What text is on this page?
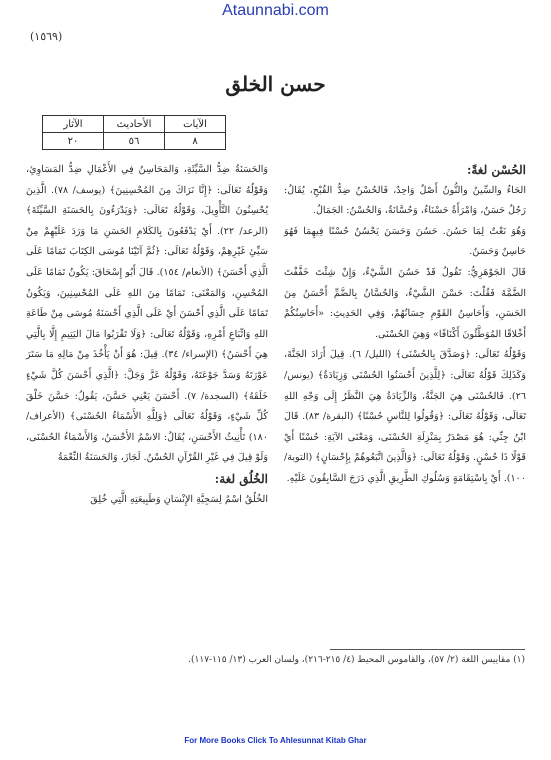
Ataunnabi.com
(١٥٦٩)
حسن الخلق
الآيات	الأحاديث	الآثار
٨	٥٦	٢٠

الحُسْن لغةً:

الحَاءُ والسِّينُ والنُّونُ أَصْلٌ وَاحِدٌ، فَالحُسْنُ ضِدُّ القُبْحِ، يُقَالُ: رَجُلٌ حَسَنٌ، وَامْرَأَةٌ حَسْنَاءُ، وَحُسَّانَةٌ، وَالحُسْنُ: الجَمَالُ.

وَهُوَ نَعْتٌ لِمَا حَسُنَ. حَسُنَ وَحَسَنَ يَحْسُنُ حُسْنًا فِيهِمَا فَهُوَ حَاسِنٌ وَحَسَنٌ.

قَالَ الجَوْهَرِيُّ: تَقُولُ قَدْ حَسُنَ الشَّيْءُ، وَإِنْ شِئْتَ خَفَّفْتَ الضَّمَّةَ فَقُلْتَ: حَسْنَ الشَّيْءُ، وَالحُسَّانُ بِالضَّمِّ أَحْسَنُ مِنَ الحَسَنِ، وَأَحَاسِنُ القَوْمِ حِسَانُهُمْ، وَفِي الحَدِيثِ: «أَحَاسِنُكُمْ أَخْلاقًا المُوَطَّئُونَ أَكْنَافًا» وَهِيَ الحُسْنَى.

وَقَوْلُهُ تَعَالَى: ﴿وَصَدَّقَ بِالحُسْنَى﴾ (الليل/ ٦). قِيلَ أَرَادَ الجَنَّةَ، وَكَذَلِكَ قَوْلُهُ تَعَالَى: ﴿لِلَّذِينَ أَحْسَنُوا الحُسْنَى وَزِيَادَةٌ﴾ (يونس/ ٢٦). فَالحُسْنَى هِيَ الجَنَّةُ، وَالزِّيَادَةُ هِيَ النَّظَرُ إِلَى وَجْهِ اللهِ تَعَالَى، وَقَوْلُهُ تَعَالَى: ﴿وَقُولُوا لِلنَّاسِ حُسْنًا﴾ (البقرة/ ٨٣). قَالَ ابْنُ جِنِّي: هُوَ مَصْدَرٌ بِمَنْزِلَةِ الحُسْنَى، وَمَعْنَى الآيَةِ: حُسْنًا أَيْ قَوْلًا ذَا حُسْنٍ. وَقَوْلُهُ تَعَالَى: ﴿وَالَّذِينَ اتَّبَعُوهُمْ بِإِحْسَانٍ﴾ (التوبة/ ١٠٠). أَيْ بِاسْتِقَامَةٍ وَسُلُوكِ الطَّرِيقِ الَّذِي دَرَجَ السَّابِقُونَ عَلَيْهِ.

وَالحَسَنَةُ ضِدُّ السَّيِّئَةِ، وَالمَحَاسِنُ فِي الأَعْمَالِ ضِدُّ المَسَاوِئِ، وَقَوْلُهُ تَعَالَى: ﴿إِنَّا نَرَاكَ مِنَ المُحْسِنِينَ﴾ (يوسف/ ٧٨). الَّذِينَ يُحْسِنُونَ التَّأْوِيلَ، وَقَوْلُهُ تَعَالَى: ﴿وَيَدْرَءُونَ بِالحَسَنَةِ السَّيِّئَةَ﴾ (الرعد/ ٢٢). أَيْ يَدْفَعُونَ بِالكَلامِ الحَسَنِ مَا وَرَدَ عَلَيْهِمْ مِنْ سَيِّئِ غَيْرِهِمْ، وَقَوْلُهُ تَعَالَى: ﴿ثُمَّ آتَيْنَا مُوسَى الكِتَابَ تَمَامًا عَلَى الَّذِي أَحْسَنَ﴾ (الأنعام/ ١٥٤). قَالَ أَبُو إِسْحَاقَ: يَكُونُ تَمَامًا عَلَى المُحْسِنِ، وَالمَعْنَى: تَمَامًا مِنَ اللهِ عَلَى المُحْسِنِينَ، وَيَكُونُ تَمَامًا عَلَى الَّذِي أَحْسَنَ أَيْ عَلَى الَّذِي أَحْسَنَهُ مُوسَى مِنْ طَاعَةِ اللهِ وَاتِّبَاعِ أَمْرِهِ، وَقَوْلُهُ تَعَالَى: ﴿وَلَا تَقْرَبُوا مَالَ اليَتِيمِ إِلَّا بِالَّتِي هِيَ أَحْسَنُ﴾ (الإسراء/ ٣٤). قِيلَ: هُوَ أَنْ يَأْخُذَ مِنْ مَالِهِ مَا سَتَرَ عَوْرَتَهُ وَسَدَّ جَوْعَتَهُ، وَقَوْلُهُ عَزَّ وَجَلَّ: ﴿الَّذِي أَحْسَنَ كُلَّ شَيْءٍ خَلَقَهُ﴾ (السجدة/ ٧). أَحْسَنَ يَعْنِي حَسَّنَ، يَقُولُ: حَسَّنَ خَلْقَ كُلِّ شَيْءٍ، وَقَوْلُهُ تَعَالَى ﴿وَلِلَّهِ الأَسْمَاءُ الحُسْنَى﴾ (الأعراف/ ١٨٠) تَأْنِيثُ الأَحْسَنِ، يُقَالُ: الاسْمُ الأَحْسَنُ، وَالأَسْمَاءُ الحُسْنَى، وَلَوْ قِيلَ فِي غَيْرِ القُرْآنِ الحُسْنُ. لَجَازَ، وَالحَسَنَةُ النِّعْمَةُ

الخُلُق لغة:

الخُلُقُ اسْمٌ لِسَجِيَّةِ الإِنْسَانِ وَطَبِيعَتِهِ الَّتِي خُلِقَ

(١) مقاييس اللغة (٢/ ٥٧)، والقاموس المحيط (٤/ ٢١٥-٢١٦)، ولسان العرب (١٣/ ١١٥-١١٧).
For More Books Click To Ahlesunnat Kitab Ghar
